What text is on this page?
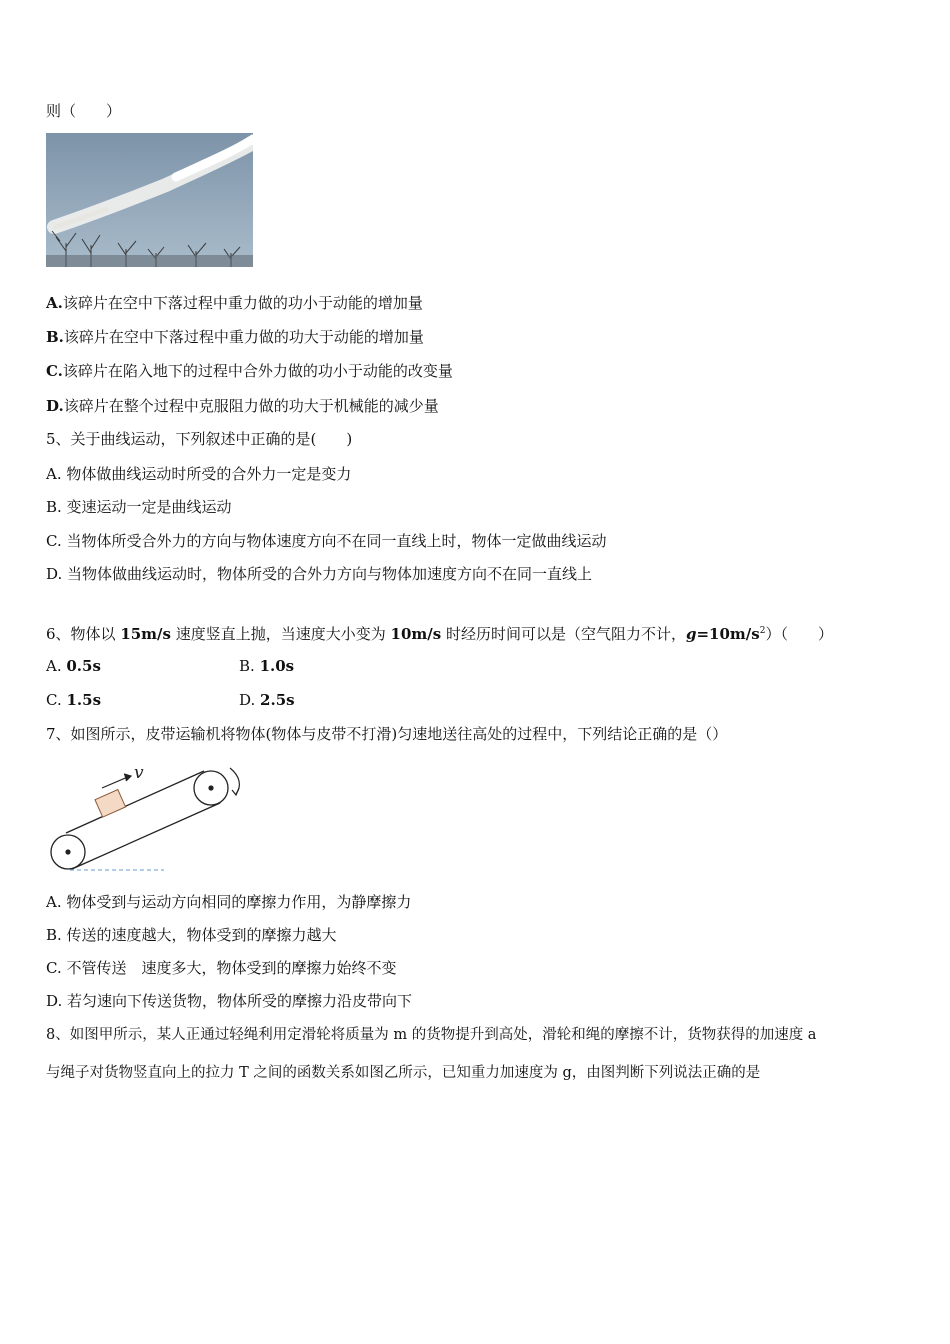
则（　　）
A.该碎片在空中下落过程中重力做的功小于动能的增加量
B.该碎片在空中下落过程中重力做的功大于动能的增加量
C.该碎片在陷入地下的过程中合外力做的功小于动能的改变量
D.该碎片在整个过程中克服阻力做的功大于机械能的减少量
5、关于曲线运动，下列叙述中正确的是(　　)
A. 物体做曲线运动时所受的合外力一定是变力
B. 变速运动一定是曲线运动
C. 当物体所受合外力的方向与物体速度方向不在同一直线上时，物体一定做曲线运动
D. 当物体做曲线运动时，物体所受的合外力方向与物体加速度方向不在同一直线上
6、物体以 15m/s 速度竖直上抛，当速度大小变为 10m/s 时经历时间可以是（空气阻力不计，$g=10m/s^2$）（　　）
A. 0.5s	B. 1.0s
C. 1.5s	D. 2.5s
7、如图所示，皮带运输机将物体(物体与皮带不打滑)匀速地送往高处的过程中，下列结论正确的是（）
v
A. 物体受到与运动方向相同的摩擦力作用，为静摩擦力
B. 传送的速度越大，物体受到的摩擦力越大
C. 不管传送　速度多大，物体受到的摩擦力始终不变
D. 若匀速向下传送货物，物体所受的摩擦力沿皮带向下
8、如图甲所示，某人正通过轻绳利用定滑轮将质量为 m 的货物提升到高处，滑轮和绳的摩擦不计，货物获得的加速度 a
与绳子对货物竖直向上的拉力 T 之间的函数关系如图乙所示，已知重力加速度为 g，由图判断下列说法正确的是
